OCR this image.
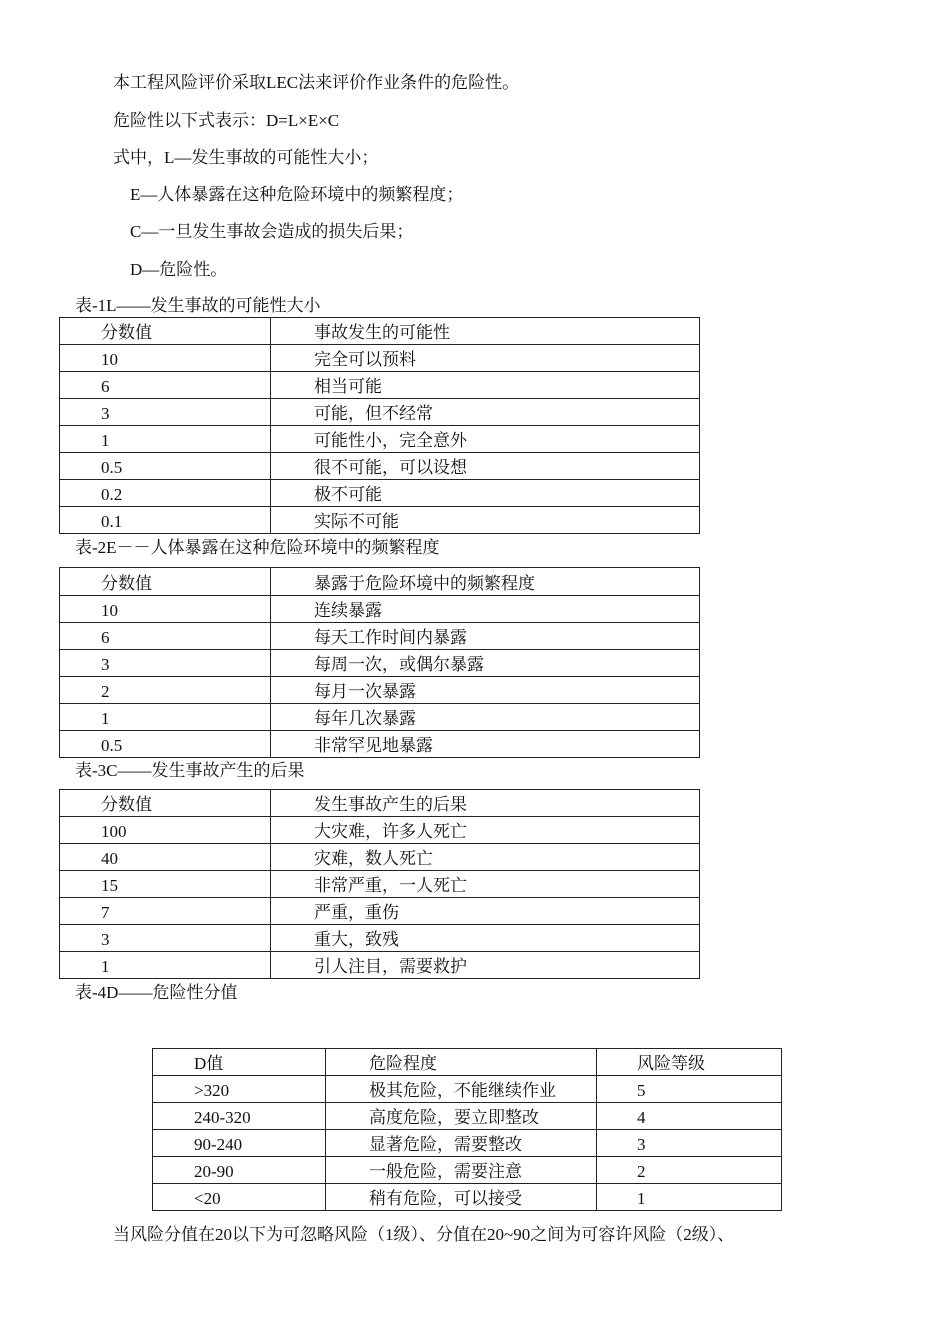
本工程风险评价采取LEC法来评价作业条件的危险性。
危险性以下式表示：D=L×E×C
式中，L—发生事故的可能性大小；
E—人体暴露在这种危险环境中的频繁程度；
C—一旦发生事故会造成的损失后果；
D—危险性。
表-1L——发生事故的可能性大小
分数值	事故发生的可能性
10	完全可以预料
6	相当可能
3	可能，但不经常
1	可能性小，完全意外
0.5	很不可能，可以设想
0.2	极不可能
0.1	实际不可能
表-2E－－人体暴露在这种危险环境中的频繁程度
分数值	暴露于危险环境中的频繁程度
10	连续暴露
6	每天工作时间内暴露
3	每周一次，或偶尔暴露
2	每月一次暴露
1	每年几次暴露
0.5	非常罕见地暴露
表-3C——发生事故产生的后果
分数值	发生事故产生的后果
100	大灾难，许多人死亡
40	灾难，数人死亡
15	非常严重，一人死亡
7	严重，重伤
3	重大，致残
1	引人注目，需要救护
表-4D——危险性分值
D值	危险程度	风险等级
>320	极其危险，不能继续作业	5
240-320	高度危险，要立即整改	4
90-240	显著危险，需要整改	3
20-90	一般危险，需要注意	2
<20	稍有危险，可以接受	1
当风险分值在20以下为可忽略风险（1级）、分值在20~90之间为可容许风险（2级）、
